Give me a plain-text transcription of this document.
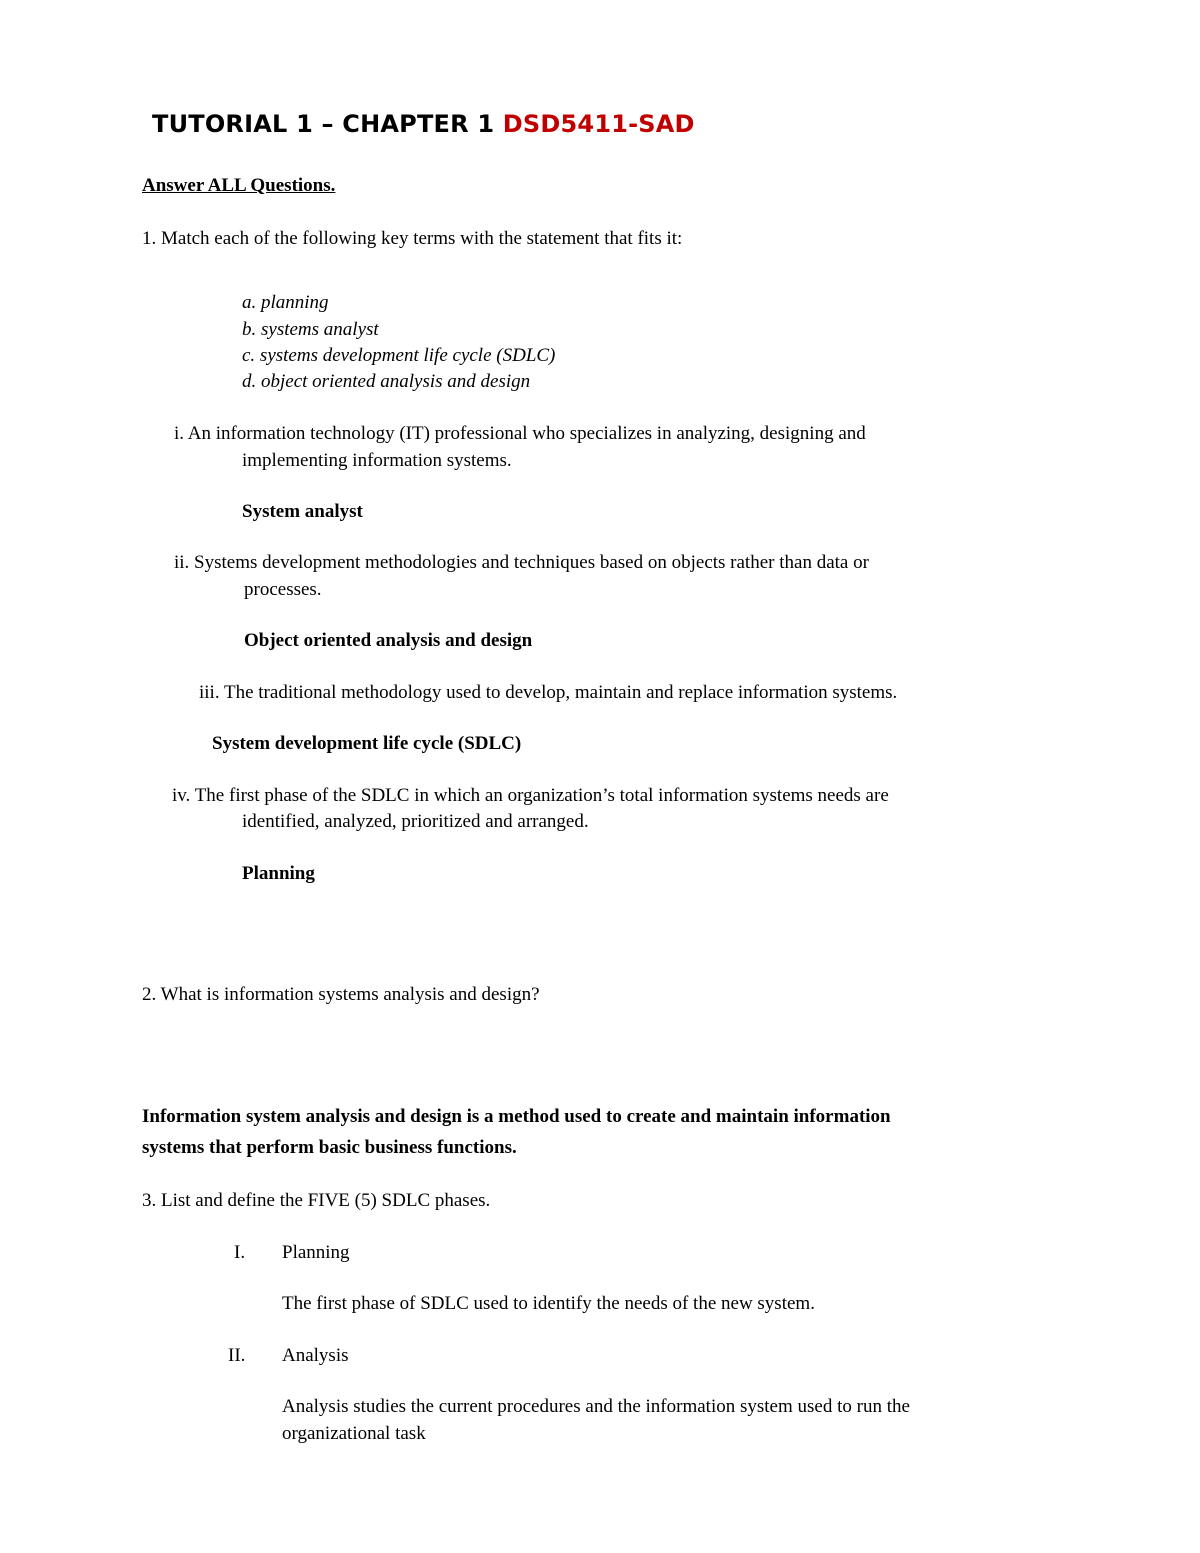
TUTORIAL 1 – CHAPTER 1 DSD5411-SAD
Answer ALL Questions.
1. Match each of the following key terms with the statement that fits it:
a. planning
b. systems analyst
c. systems development life cycle (SDLC)
d. object oriented analysis and design
i. An information technology (IT) professional who specializes in analyzing, designing and
implementing information systems.
System analyst
ii. Systems development methodologies and techniques based on objects rather than data or
processes.
Object oriented analysis and design
iii. The traditional methodology used to develop, maintain and replace information systems.
System development life cycle (SDLC)
iv. The first phase of the SDLC in which an organization’s total information systems needs are
identified, analyzed, prioritized and arranged.
Planning
2. What is information systems analysis and design?
Information system analysis and design is a method used to create and maintain information
systems that perform basic business functions.
3. List and define the FIVE (5) SDLC phases.
I. Planning
The first phase of SDLC used to identify the needs of the new system.
II. Analysis
Analysis studies the current procedures and the information system used to run the
organizational task
